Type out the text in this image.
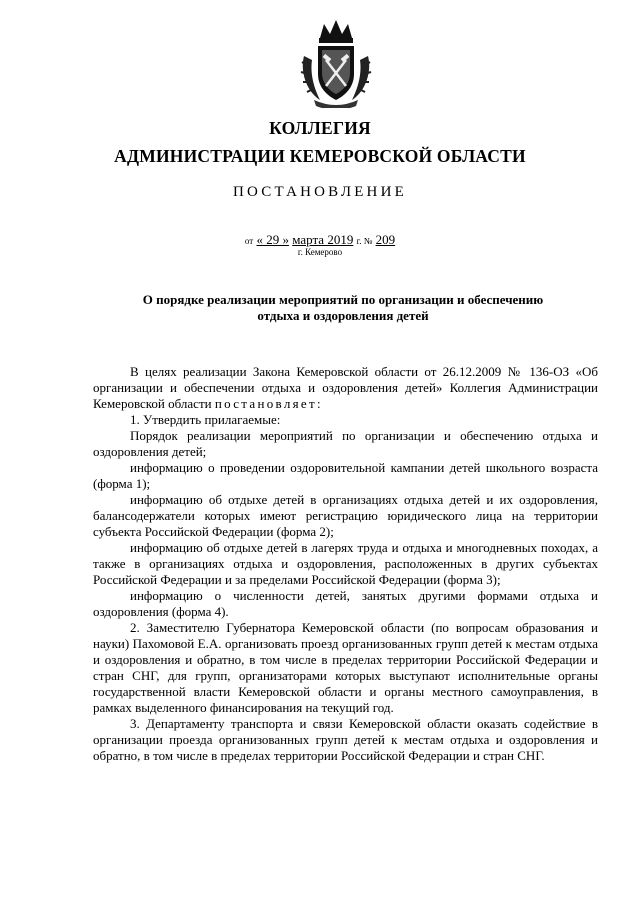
КОЛЛЕГИЯ
АДМИНИСТРАЦИИ КЕМЕРОВСКОЙ ОБЛАСТИ
ПОСТАНОВЛЕНИЕ
от « 29 » марта 2019 г. № 209
г. Кемерово
О порядке реализации мероприятий по организации и обеспечению
отдыха и оздоровления детей

В целях реализации Закона Кемеровской области от 26.12.2009 № 136-ОЗ «Об организации и обеспечении отдыха и оздоровления детей» Коллегия Администрации Кемеровской области постановляет:

1. Утвердить прилагаемые:

Порядок реализации мероприятий по организации и обеспечению отдыха и оздоровления детей;

информацию о проведении оздоровительной кампании детей школьного возраста (форма 1);

информацию об отдыхе детей в организациях отдыха детей и их оздоровления, балансодержатели которых имеют регистрацию юридического лица на территории субъекта Российской Федерации (форма 2);

информацию об отдыхе детей в лагерях труда и отдыха и многодневных походах, а также в организациях отдыха и оздоровления, расположенных в других субъектах Российской Федерации и за пределами Российской Федерации (форма 3);

информацию о численности детей, занятых другими формами отдыха и оздоровления (форма 4).

2. Заместителю Губернатора Кемеровской области (по вопросам образования и науки) Пахомовой Е.А. организовать проезд организованных групп детей к местам отдыха и оздоровления и обратно, в том числе в пределах территории Российской Федерации и стран СНГ, для групп, организаторами которых выступают исполнительные органы государственной власти Кемеровской области и органы местного самоуправления, в рамках выделенного финансирования на текущий год.

3. Департаменту транспорта и связи Кемеровской области оказать содействие в организации проезда организованных групп детей к местам отдыха и оздоровления и обратно, в том числе в пределах территории Российской Федерации и стран СНГ.
